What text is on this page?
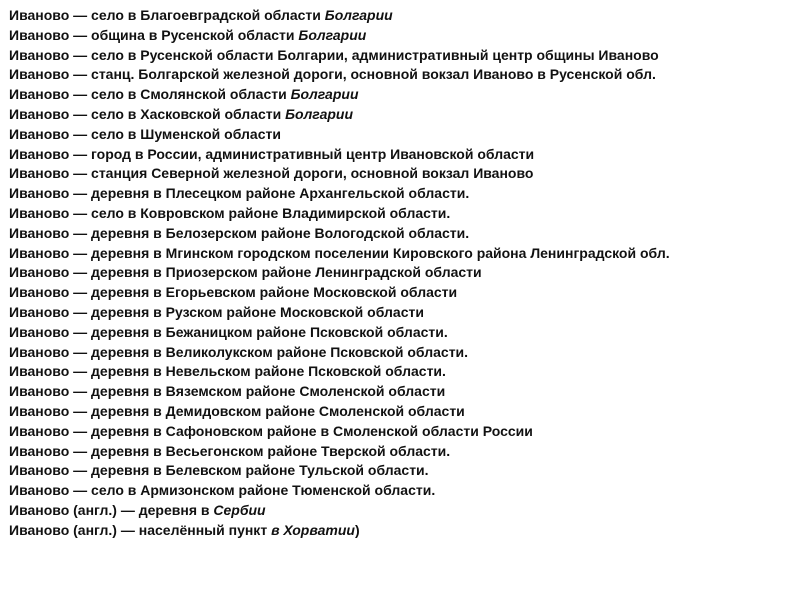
Иваново — село в Благоевградской области Болгарии

Иваново — община в Русенской области Болгарии

Иваново — село в Русенской области Болгарии, административный центр общины Иваново

Иваново — станц. Болгарской железной дороги, основной вокзал Иваново в Русенской обл.

Иваново — село в Смолянской области Болгарии

Иваново — село в Хасковской области Болгарии

Иваново — село в Шуменской области

Иваново — город в России, административный центр Ивановской области

Иваново — станция Северной железной дороги, основной вокзал Иваново

Иваново — деревня в Плесецком районе Архангельской области.

Иваново — село в Ковровском районе Владимирской области.

Иваново — деревня в Белозерском районе Вологодской области.

Иваново — деревня в Мгинском городском поселении Кировского района Ленинградской обл.

Иваново — деревня в Приозерском районе Ленинградской области

Иваново — деревня в Егорьевском районе Московской области

Иваново — деревня в Рузском районе Московской области

Иваново — деревня в Бежаницком районе Псковской области.

Иваново — деревня в Великолукском районе Псковской области.

Иваново — деревня в Невельском районе Псковской области.

Иваново — деревня в Вяземском районе Смоленской области

Иваново — деревня в Демидовском районе Смоленской области

Иваново — деревня в Сафоновском районе в Смоленской области России

Иваново — деревня в Весьегонском районе Тверской области.

Иваново — деревня в Белевском районе Тульской области.

Иваново — село в Армизонском районе Тюменской области.

Иваново (англ.) — деревня в Сербии

Иваново (англ.) — населённый пункт в Хорватии)
